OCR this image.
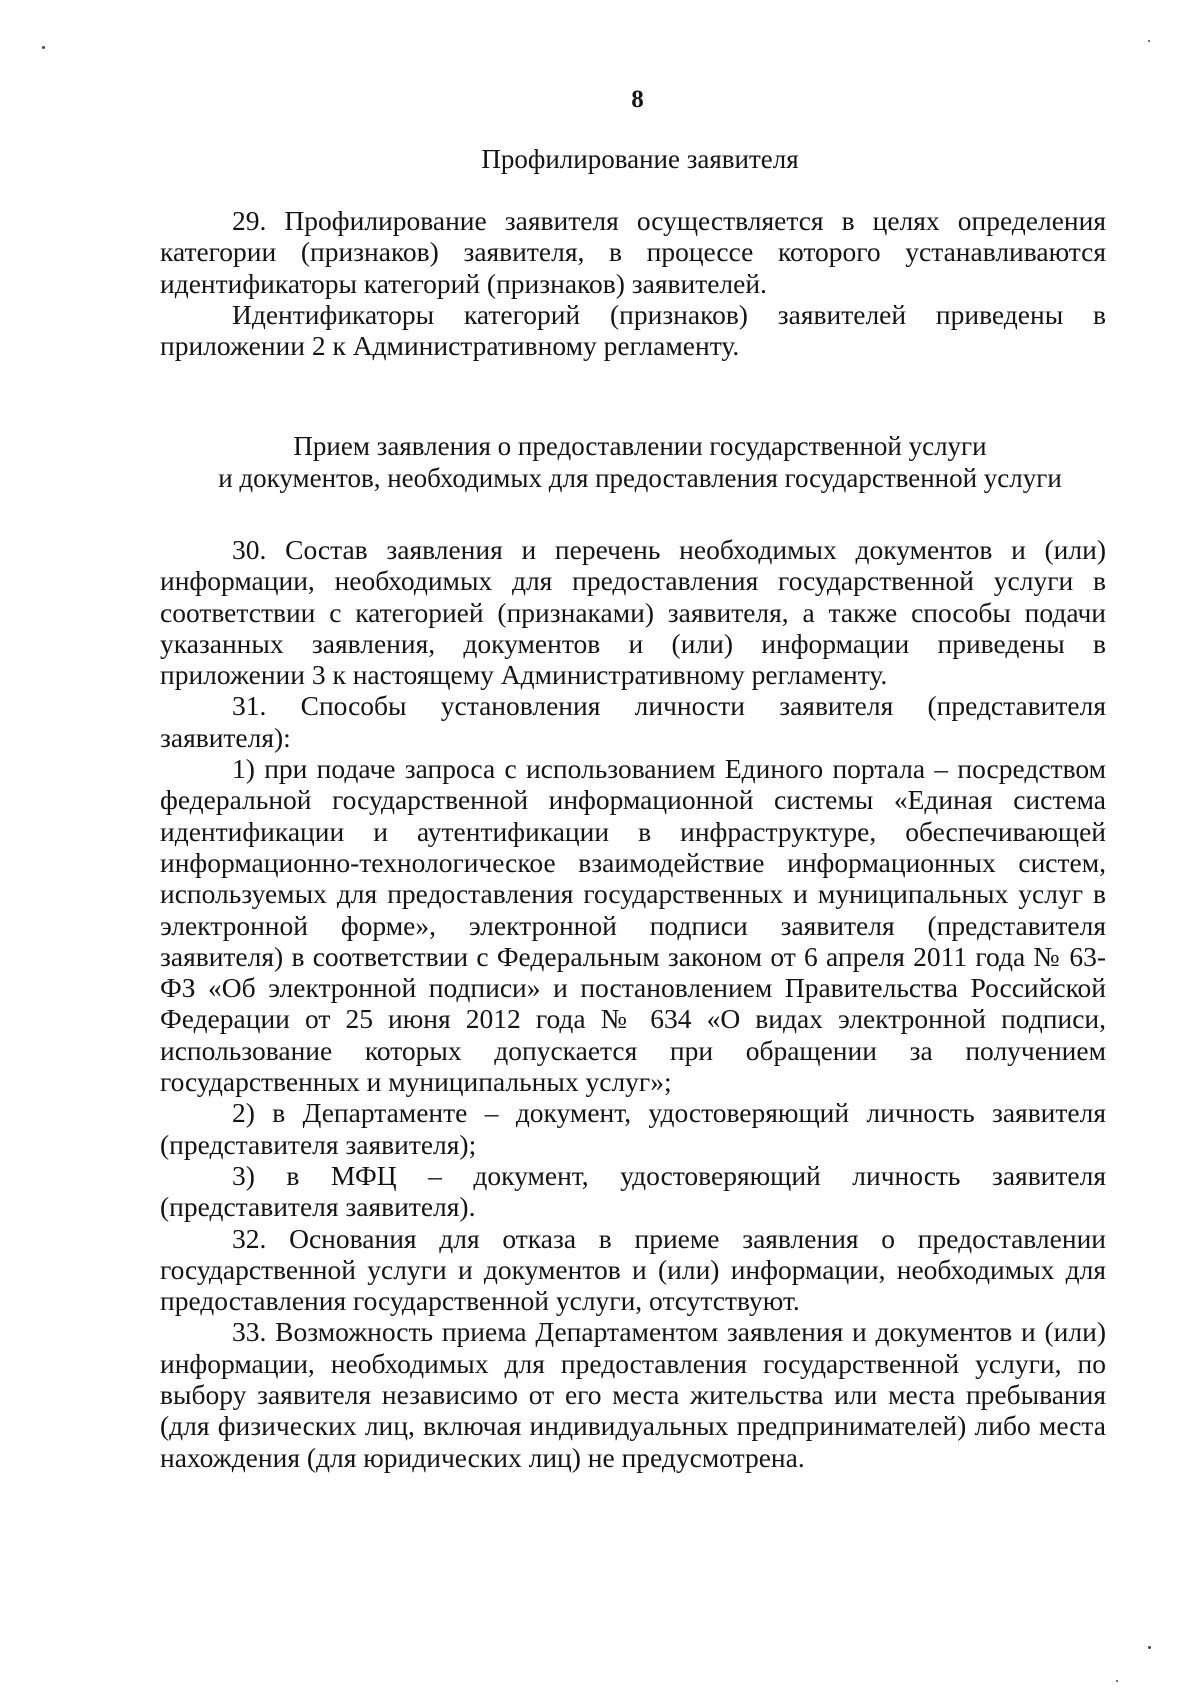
8
Профилирование заявителя

29. Профилирование заявителя осуществляется в целях определения категории (признаков) заявителя, в процессе которого устанавливаются идентификаторы категорий (признаков) заявителей.

Идентификаторы категорий (признаков) заявителей приведены в приложении 2 к Административному регламенту.

Прием заявления о предоставлении государственной услуги
и документов, необходимых для предоставления государственной услуги

30. Состав заявления и перечень необходимых документов и (или) информации, необходимых для предоставления государственной услуги в соответствии с категорией (признаками) заявителя, а также способы подачи указанных заявления, документов и (или) информации приведены в приложении 3 к настоящему Административному регламенту.

31. Способы установления личности заявителя (представителя заявителя):

1) при подаче запроса с использованием Единого портала – посредством федеральной государственной информационной системы «Единая система идентификации и аутентификации в инфраструктуре, обеспечивающей информационно-технологическое взаимодействие информационных систем, используемых для предоставления государственных и муниципальных услуг в электронной форме», электронной подписи заявителя (представителя заявителя) в соответствии с Федеральным законом от 6 апреля 2011 года № 63-ФЗ «Об электронной подписи» и постановлением Правительства Российской Федерации от 25 июня 2012 года № 634 «О видах электронной подписи, использование которых допускается при обращении за получением государственных и муниципальных услуг»;

2) в Департаменте – документ, удостоверяющий личность заявителя (представителя заявителя);

3) в МФЦ – документ, удостоверяющий личность заявителя (представителя заявителя).

32. Основания для отказа в приеме заявления о предоставлении государственной услуги и документов и (или) информации, необходимых для предоставления государственной услуги, отсутствуют.

33. Возможность приема Департаментом заявления и документов и (или) информации, необходимых для предоставления государственной услуги, по выбору заявителя независимо от его места жительства или места пребывания (для физических лиц, включая индивидуальных предпринимателей) либо места нахождения (для юридических лиц) не предусмотрена.
